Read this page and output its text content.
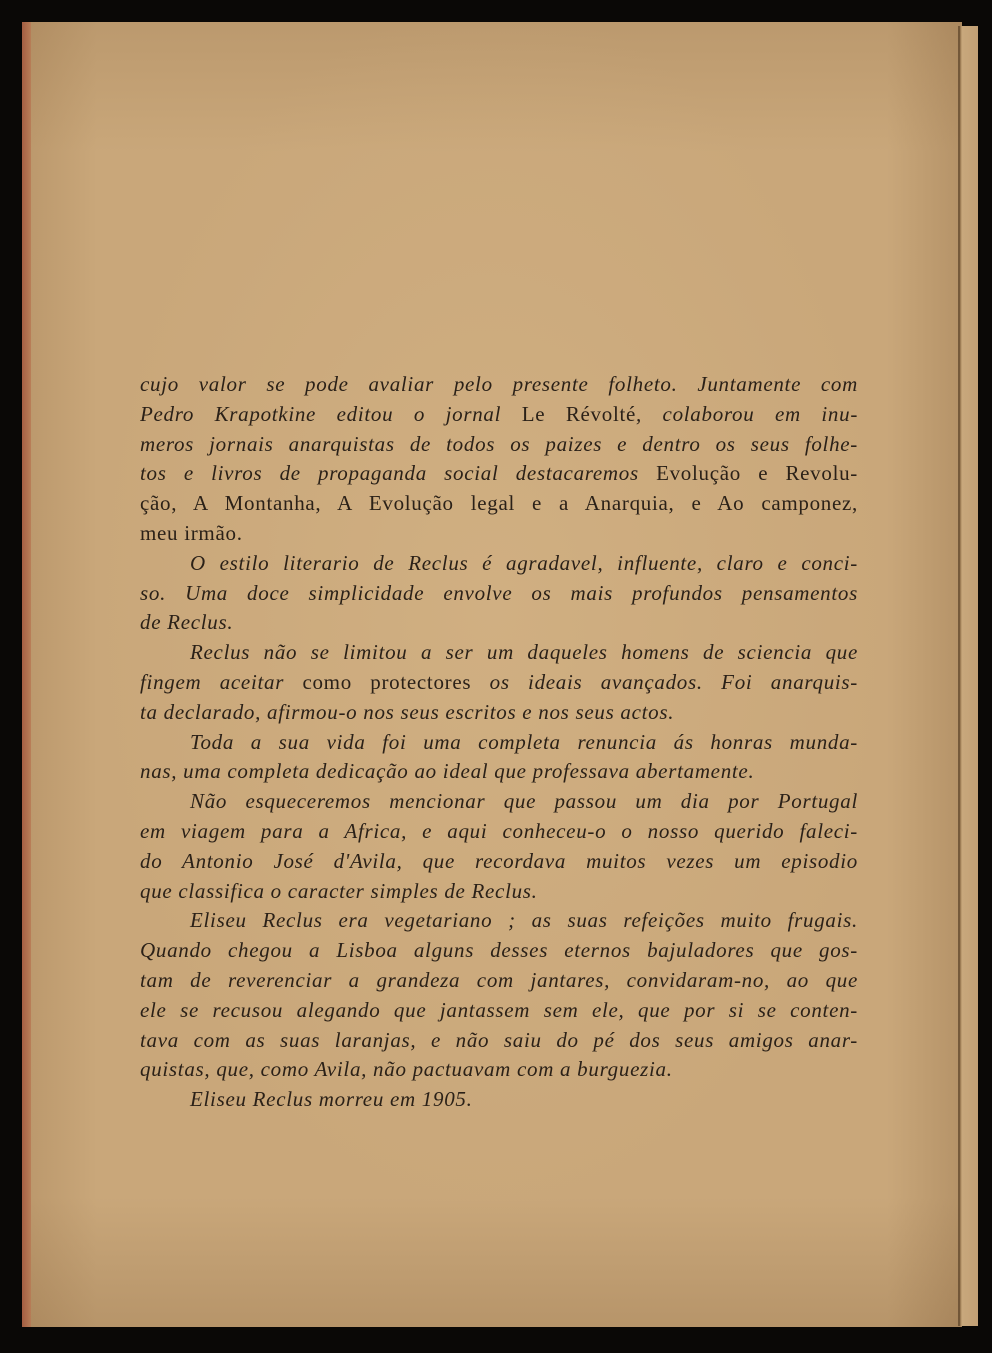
cujo valor se pode avaliar pelo presente folheto. Juntamente com
Pedro Krapotkine editou o jornal Le Révolté, colaborou em inu-
meros jornais anarquistas de todos os paizes e dentro os seus folhe-
tos e livros de propaganda social destacaremos Evolução e Revolu-
ção, A Montanha, A Evolução legal e a Anarquia, e Ao camponez,
meu irmão.
O estilo literario de Reclus é agradavel, influente, claro e conci-
so. Uma doce simplicidade envolve os mais profundos pensamentos
de Reclus.
Reclus não se limitou a ser um daqueles homens de sciencia que
fingem aceitar como protectores os ideais avançados. Foi anarquis-
ta declarado, afirmou-o nos seus escritos e nos seus actos.
Toda a sua vida foi uma completa renuncia ás honras munda-
nas, uma completa dedicação ao ideal que professava abertamente.
Não esqueceremos mencionar que passou um dia por Portugal
em viagem para a Africa, e aqui conheceu-o o nosso querido faleci-
do Antonio José d'Avila, que recordava muitos vezes um episodio
que classifica o caracter simples de Reclus.
Eliseu Reclus era vegetariano ; as suas refeições muito frugais.
Quando chegou a Lisboa alguns desses eternos bajuladores que gos-
tam de reverenciar a grandeza com jantares, convidaram-no, ao que
ele se recusou alegando que jantassem sem ele, que por si se conten-
tava com as suas laranjas, e não saiu do pé dos seus amigos anar-
quistas, que, como Avila, não pactuavam com a burguezia.
Eliseu Reclus morreu em 1905.
